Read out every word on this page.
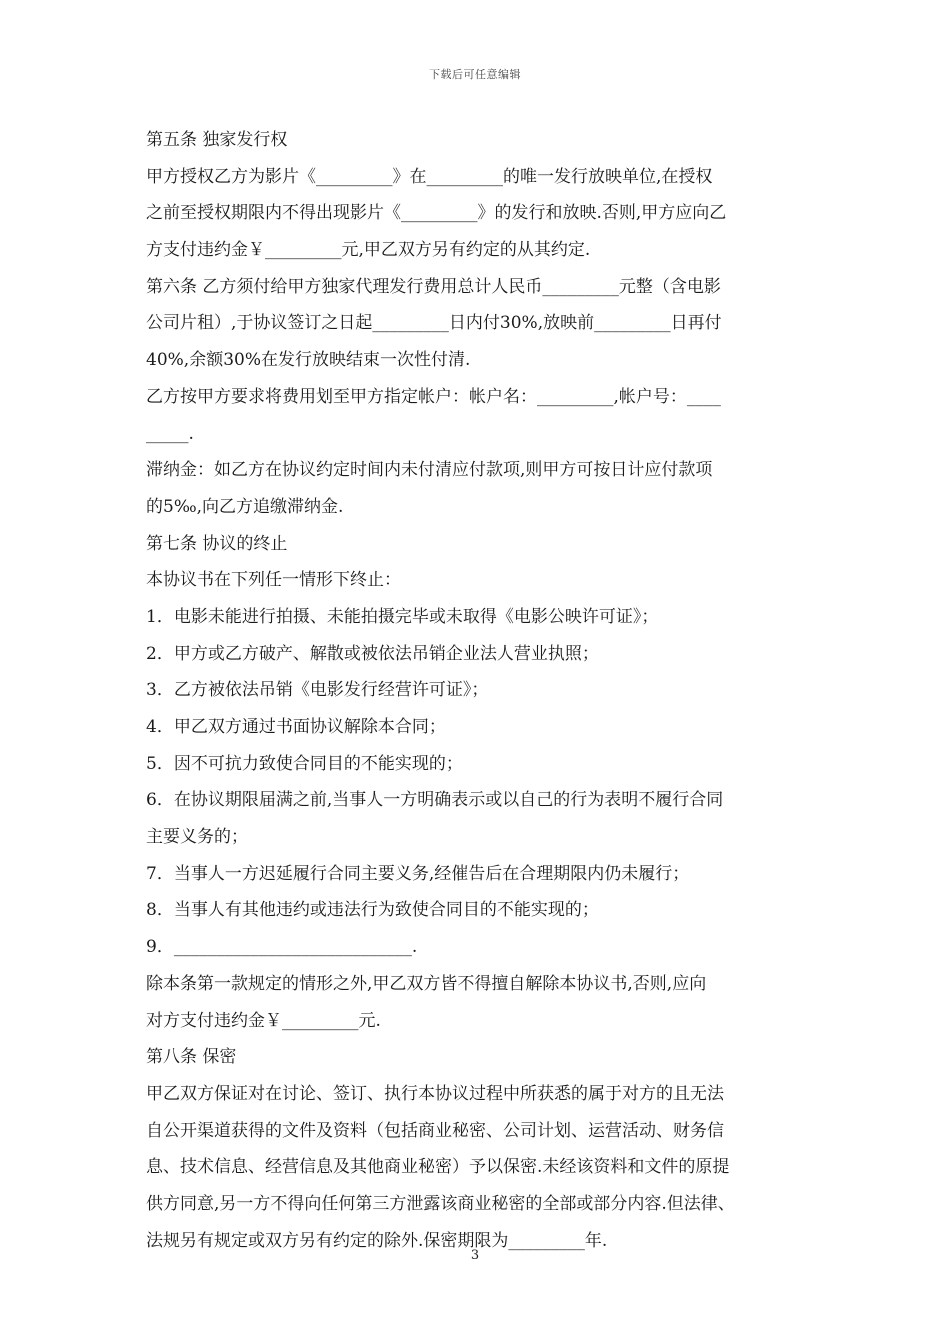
下载后可任意编辑
第五条 独家发行权
甲方授权乙方为影片《_________》在_________的唯一发行放映单位,在授权
之前至授权期限内不得出现影片《_________》的发行和放映.否则,甲方应向乙
方支付违约金￥_________元,甲乙双方另有约定的从其约定.
第六条 乙方须付给甲方独家代理发行费用总计人民币_________元整（含电影
公司片租）,于协议签订之日起_________日内付30%,放映前_________日再付
40%,余额30%在发行放映结束一次性付清.
乙方按甲方要求将费用划至甲方指定帐户：帐户名：_________,帐户号：____
_____.
滞纳金：如乙方在协议约定时间内未付清应付款项,则甲方可按日计应付款项
的5‰,向乙方追缴滞纳金.
第七条 协议的终止
本协议书在下列任一情形下终止：
1．电影未能进行拍摄、未能拍摄完毕或未取得《电影公映许可证》；
2．甲方或乙方破产、解散或被依法吊销企业法人营业执照；
3．乙方被依法吊销《电影发行经营许可证》；
4．甲乙双方通过书面协议解除本合同；
5．因不可抗力致使合同目的不能实现的；
6．在协议期限届满之前,当事人一方明确表示或以自己的行为表明不履行合同
主要义务的；
7．当事人一方迟延履行合同主要义务,经催告后在合理期限内仍未履行；
8．当事人有其他违约或违法行为致使合同目的不能实现的；
9．____________________________.
除本条第一款规定的情形之外,甲乙双方皆不得擅自解除本协议书,否则,应向
对方支付违约金￥_________元.
第八条 保密
甲乙双方保证对在讨论、签订、执行本协议过程中所获悉的属于对方的且无法
自公开渠道获得的文件及资料（包括商业秘密、公司计划、运营活动、财务信
息、技术信息、经营信息及其他商业秘密）予以保密.未经该资料和文件的原提
供方同意,另一方不得向任何第三方泄露该商业秘密的全部或部分内容.但法律、
法规另有规定或双方另有约定的除外.保密期限为_________年.
3
